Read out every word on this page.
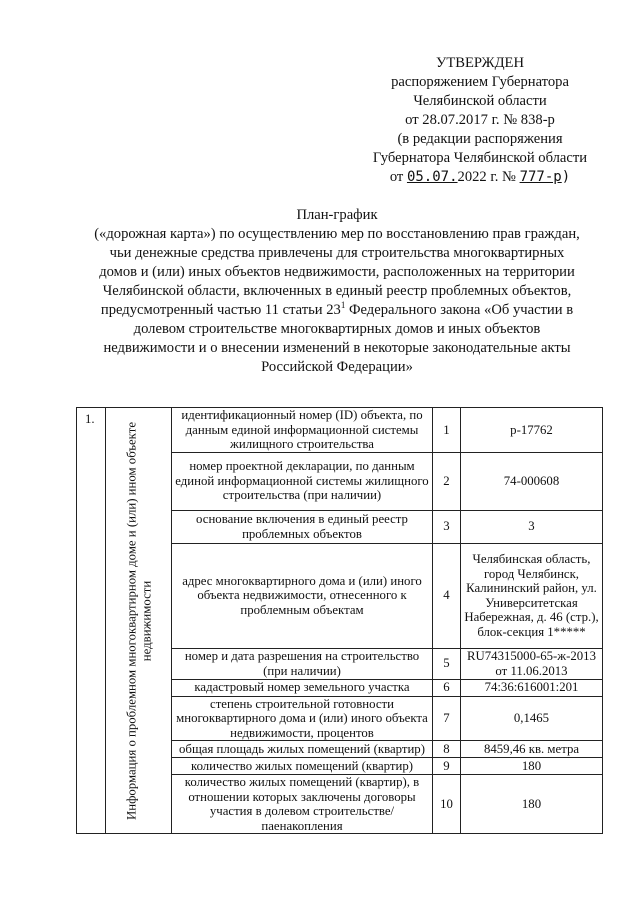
УТВЕРЖДЕН
распоряжением Губернатора
Челябинской области
от 28.07.2017 г. № 838-р
(в редакции распоряжения
Губернатора Челябинской области
от 05.07.2022 г. № 777-р)
План-график
(«дорожная карта») по осуществлению мер по восстановлению прав граждан,
чьи денежные средства привлечены для строительства многоквартирных
домов и (или) иных объектов недвижимости, расположенных на территории
Челябинской области, включенных в единый реестр проблемных объектов,
предусмотренный частью 11 статьи $23^1$ Федерального закона «Об участии в
долевом строительстве многоквартирных домов и иных объектов
недвижимости и о внесении изменений в некоторые законодательные акты
Российской Федерации»
1.	Информация о проблемном многоквартирном доме и (или) ином объекте недвижимости	идентификационный номер (ID) объекта, по данным единой информационной системы жилищного строительства	1	р-17762
		номер проектной декларации, по данным единой информационной системы жилищного строительства (при наличии)	2	74-000608
		основание включения в единый реестр проблемных объектов	3	3
		адрес многоквартирного дома и (или) иного объекта недвижимости, отнесенного к проблемным объектам	4	Челябинская область, город Челябинск, Калининский район, ул. Университетская Набережная, д. 46 (стр.), блок-секция 1*****
		номер и дата разрешения на строительство (при наличии)	5	RU74315000-65-ж-2013 от 11.06.2013
		кадастровый номер земельного участка	6	74:36:616001:201
		степень строительной готовности многоквартирного дома и (или) иного объекта недвижимости, процентов	7	0,1465
		общая площадь жилых помещений (квартир)	8	8459,46 кв. метра
		количество жилых помещений (квартир)	9	180
		количество жилых помещений (квартир), в отношении которых заключены договоры участия в долевом строительстве/паенакопления	10	180
